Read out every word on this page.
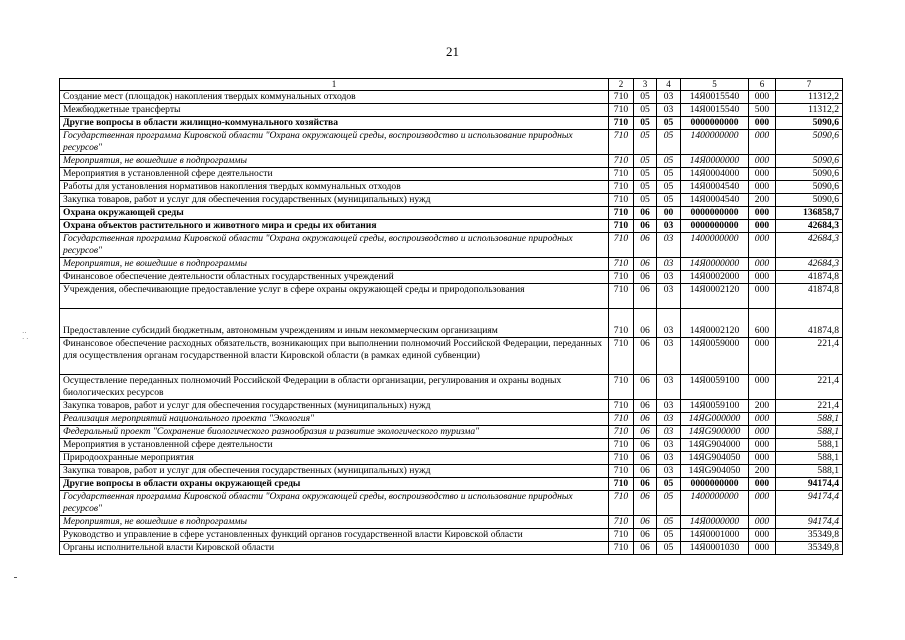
21
··
· ·
1	2	3	4	5	6	7
Создание мест (площадок) накопления твердых коммунальных отходов	710	05	03	14Я0015540	000	11312,2
Межбюджетные трансферты	710	05	03	14Я0015540	500	11312,2
Другие вопросы в области жилищно-коммунального хозяйства	710	05	05	0000000000	000	5090,6
Государственная программа Кировской области "Охрана окружающей среды, воспроизводство и использование природных ресурсов"	710	05	05	1400000000	000	5090,6
Мероприятия, не вошедшие в подпрограммы	710	05	05	14Я0000000	000	5090,6
Мероприятия в установленной сфере деятельности	710	05	05	14Я0004000	000	5090,6
Работы для установления нормативов накопления твердых коммунальных отходов	710	05	05	14Я0004540	000	5090,6
Закупка товаров, работ и услуг для обеспечения государственных (муниципальных) нужд	710	05	05	14Я0004540	200	5090,6
Охрана окружающей среды	710	06	00	0000000000	000	136858,7
Охрана объектов растительного и животного мира и среды их обитания	710	06	03	0000000000	000	42684,3
Государственная программа Кировской области "Охрана окружающей среды, воспроизводство и использование природных ресурсов"	710	06	03	1400000000	000	42684,3
Мероприятия, не вошедшие в подпрограммы	710	06	03	14Я0000000	000	42684,3
Финансовое обеспечение деятельности областных государственных учреждений	710	06	03	14Я0002000	000	41874,8
Учреждения, обеспечивающие предоставление услуг в сфере охраны окружающей среды и природопользования	710	06	03	14Я0002120	000	41874,8
Предоставление субсидий бюджетным, автономным учреждениям и иным некоммерческим организациям	710	06	03	14Я0002120	600	41874,8
Финансовое обеспечение расходных обязательств, возникающих при выполнении полномочий Российской Федерации, переданных для осуществления органам государственной власти Кировской области (в рамках единой субвенции)	710	06	03	14Я0059000	000	221,4
Осуществление переданных полномочий Российской Федерации в области организации, регулирования и охраны водных биологических ресурсов	710	06	03	14Я0059100	000	221,4
Закупка товаров, работ и услуг для обеспечения государственных (муниципальных) нужд	710	06	03	14Я0059100	200	221,4
Реализация мероприятий национального проекта "Экология"	710	06	03	14ЯG000000	000	588,1
Федеральный проект "Сохранение биологического разнообразия и развитие экологического туризма"	710	06	03	14ЯG900000	000	588,1
Мероприятия в установленной сфере деятельности	710	06	03	14ЯG904000	000	588,1
Природоохранные мероприятия	710	06	03	14ЯG904050	000	588,1
Закупка товаров, работ и услуг для обеспечения государственных (муниципальных) нужд	710	06	03	14ЯG904050	200	588,1
Другие вопросы в области охраны окружающей среды	710	06	05	0000000000	000	94174,4
Государственная программа Кировской области "Охрана окружающей среды, воспроизводство и использование природных ресурсов"	710	06	05	1400000000	000	94174,4
Мероприятия, не вошедшие в подпрограммы	710	06	05	14Я0000000	000	94174,4
Руководство и управление в сфере установленных функций органов государственной власти Кировской области	710	06	05	14Я0001000	000	35349,8
Органы исполнительной власти Кировской области	710	06	05	14Я0001030	000	35349,8
